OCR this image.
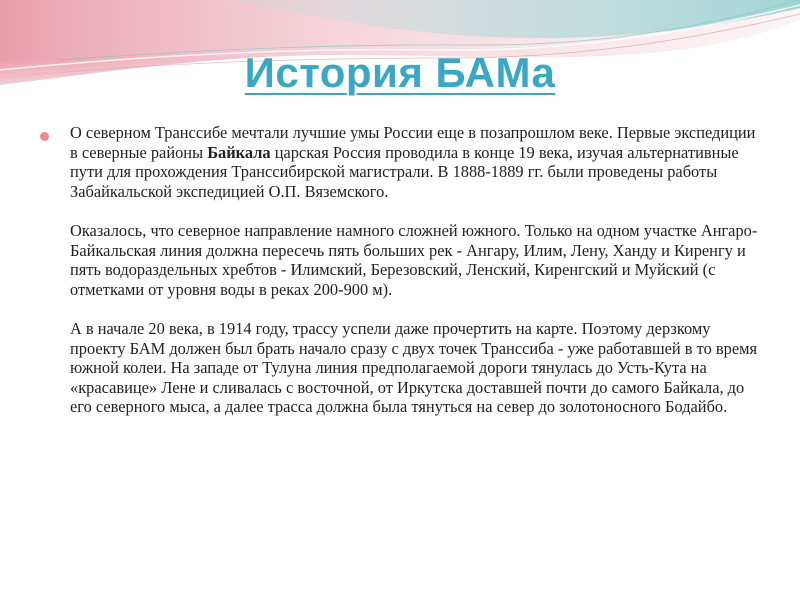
История БАМа

О северном Транссибе мечтали лучшие умы России еще в позапрошлом веке. Первые экспедиции в северные районы Байкала царская Россия проводила в конце 19 века, изучая альтернативные пути для прохождения Транссибирской магистрали. В 1888-1889 гг. были проведены работы Забайкальской экспедицией О.П. Вяземского.

Оказалось, что северное направление намного сложней южного. Только на одном участке Ангаро-Байкальская линия должна пересечь пять больших рек - Ангару, Илим, Лену, Ханду и Киренгу и пять водораздельных хребтов - Илимский, Березовский, Ленский, Киренгский и Муйский (с отметками от уровня воды в реках 200-900 м).

А в начале 20 века, в 1914 году, трассу успели даже прочертить на карте. Поэтому дерзкому проекту БАМ должен был брать начало сразу с двух точек Транссиба - уже работавшей в то время южной колеи. На западе от Тулуна линия предполагаемой дороги тянулась до Усть-Кута на «красавице» Лене и сливалась с восточной, от Иркутска доставшей почти до самого Байкала, до его северного мыса, а далее трасса должна была тянуться на север до золотоносного Бодайбо.
